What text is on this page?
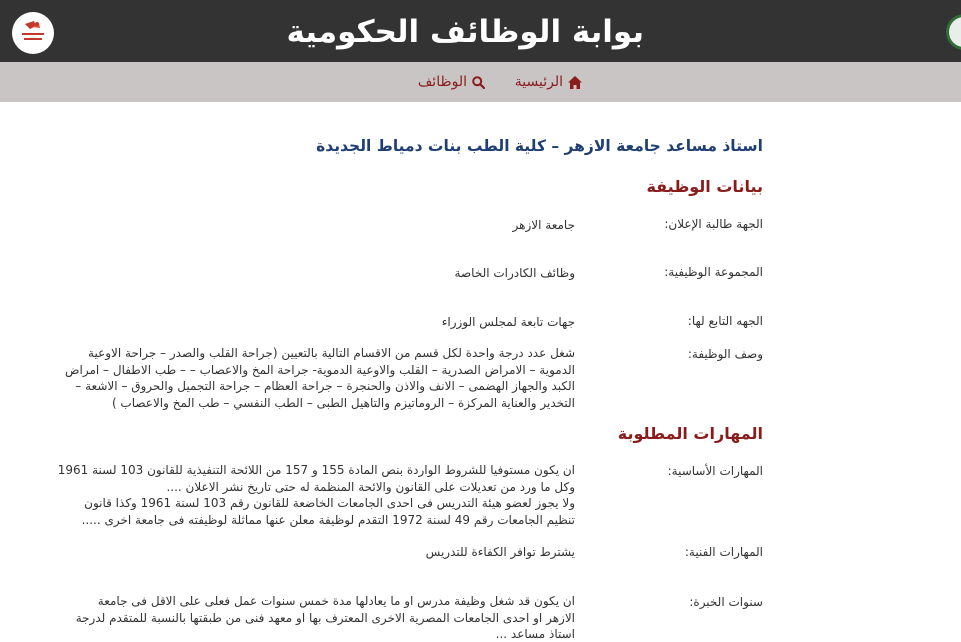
بوابة الوظائف الحكومية
الرئيسية
الوظائف
استاذ مساعد جامعة الازهر – كلية الطب بنات دمياط الجديدة
بيانات الوظيفة
الجهة طالبة الإعلان:
جامعة الازهر
المجموعة الوظيفية:
وظائف الكادرات الخاصة
الجهه التابع لها:
جهات تابعة لمجلس الوزراء
وصف الوظيفة:
شغل عدد درجة واحدة لكل قسم من الاقسام التالية بالتعيين (جراحة القلب والصدر – جراحة الاوعية
الدموية – الامراض الصدرية – القلب والاوعية الدموية- جراحة المخ والاعصاب – – طب الاطفال – امراض
الكبد والجهاز الهضمى – الانف والاذن والحنجرة – جراحة العظام – جراحة التجميل والحروق – الاشعة –
التخدير والعناية المركزة – الروماتيزم والتاهيل الطبى – الطب النفسي – طب المخ والاعصاب )
المهارات المطلوبة
المهارات الأساسية:
ان يكون مستوفيا للشروط الواردة بنص المادة 155 و 157 من اللائحة التنفيذية للقانون 103 لسنة 1961
وكل ما ورد من تعديلات على القانون والائحة المنظمة له حتى تاريخ نشر الاعلان ....
ولا يجوز لعضو هيئة التدريس فى احدى الجامعات الخاضعة للقانون رقم 103 لسنة 1961 وكذا قانون
تنظيم الجامعات رقم 49 لسنة 1972 التقدم لوظيفة معلن عنها مماثلة لوظيفته فى جامعة اخرى .....
المهارات الفنية:
يشترط توافر الكفاءة للتدريس
سنوات الخبرة:
ان يكون قد شغل وظيفة مدرس او ما يعادلها مدة خمس سنوات عمل فعلى على الاقل فى جامعة
الازهر او احدى الجامعات المصرية الاخرى المعترف بها او معهد فنى من طبقتها بالنسبة للمتقدم لدرجة
استاذ مساعد ...
